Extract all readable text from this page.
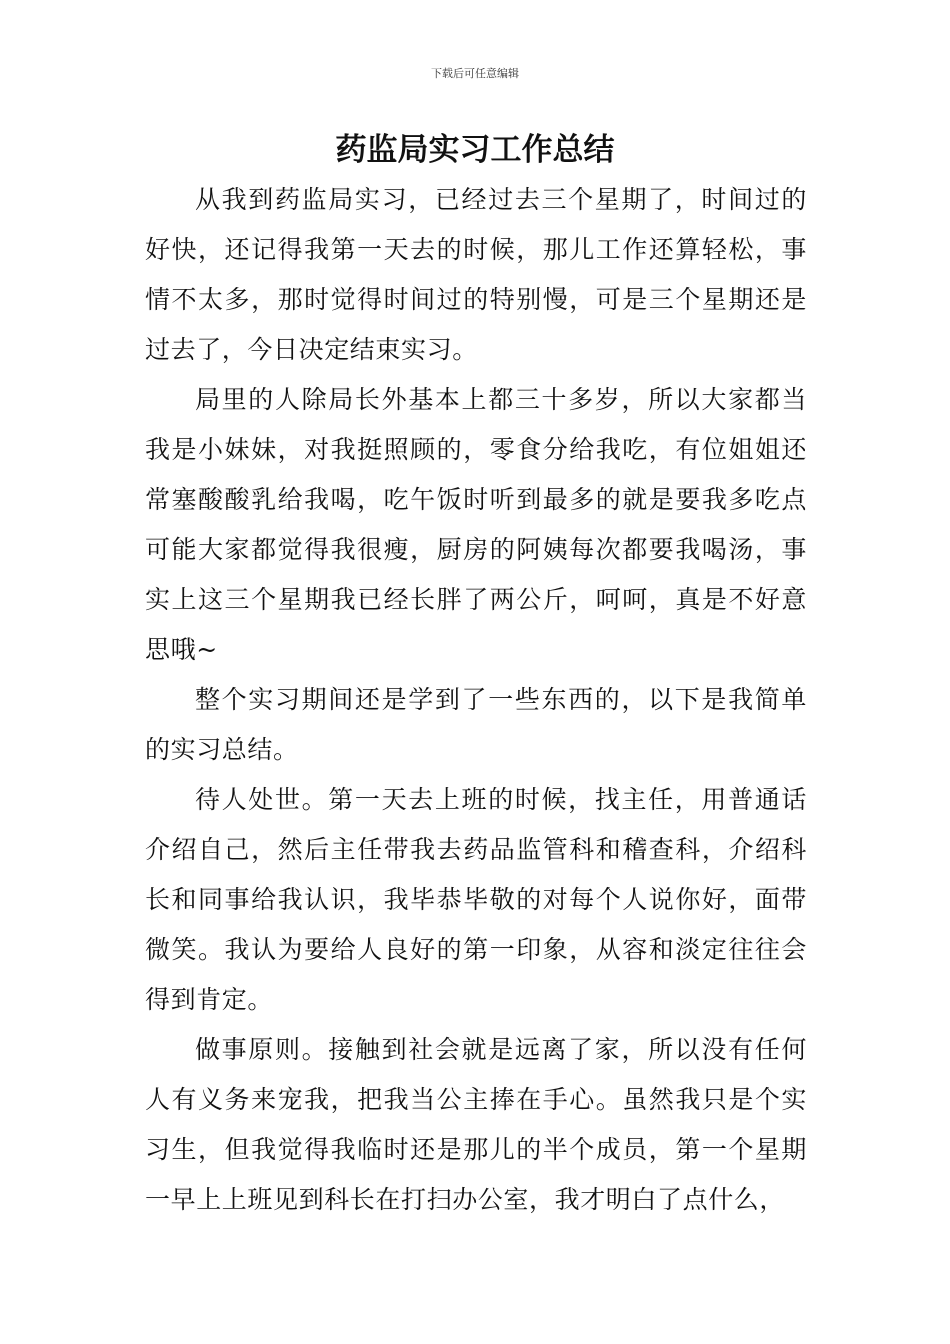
下载后可任意编辑
药监局实习工作总结

从我到药监局实习，已经过去三个星期了，时间过的好快，还记得我第一天去的时候，那儿工作还算轻松，事情不太多，那时觉得时间过的特别慢，可是三个星期还是过去了，今日决定结束实习。

局里的人除局长外基本上都三十多岁，所以大家都当我是小妹妹，对我挺照顾的，零食分给我吃，有位姐姐还常塞酸酸乳给我喝，吃午饭时听到最多的就是要我多吃点可能大家都觉得我很瘦，厨房的阿姨每次都要我喝汤，事实上这三个星期我已经长胖了两公斤，呵呵，真是不好意思哦~

整个实习期间还是学到了一些东西的，以下是我简单的实习总结。

待人处世。第一天去上班的时候，找主任，用普通话介绍自己，然后主任带我去药品监管科和稽查科，介绍科长和同事给我认识，我毕恭毕敬的对每个人说你好，面带微笑。我认为要给人良好的第一印象，从容和淡定往往会得到肯定。

做事原则。接触到社会就是远离了家，所以没有任何人有义务来宠我，把我当公主捧在手心。虽然我只是个实习生，但我觉得我临时还是那儿的半个成员，第一个星期一早上上班见到科长在打扫办公室，我才明白了点什么，
